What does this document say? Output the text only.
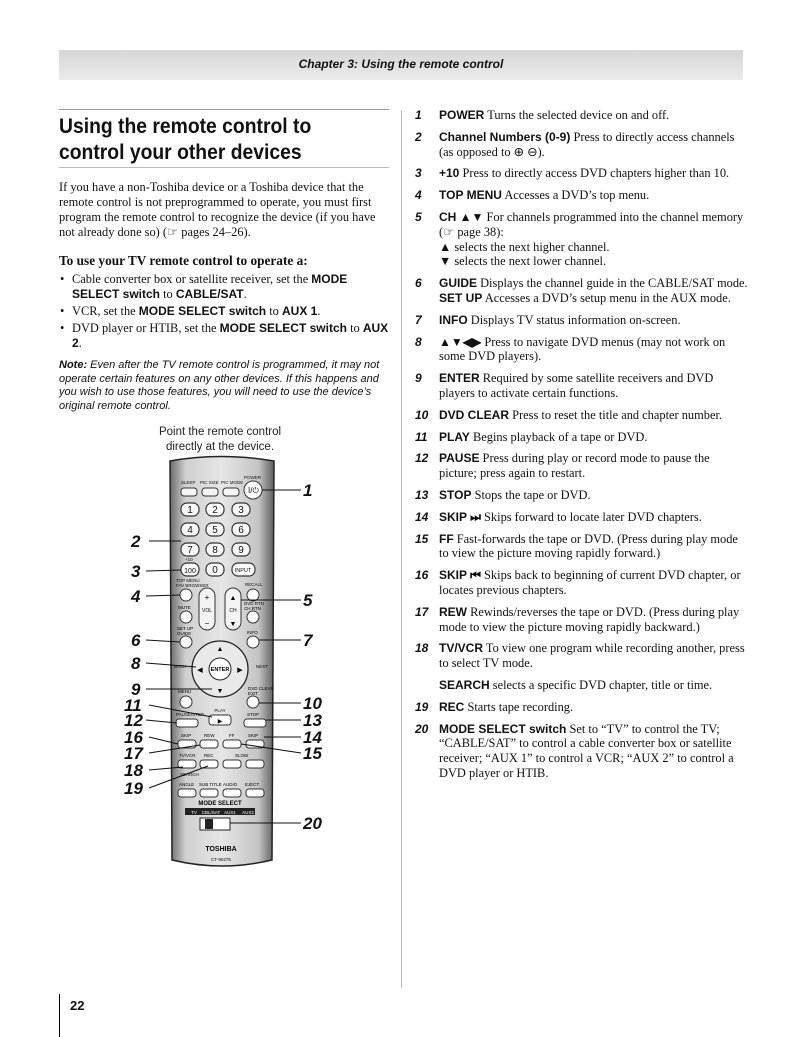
Chapter 3: Using the remote control
Using the remote control to control your other devices

If you have a non-Toshiba device or a Toshiba device that the remote control is not preprogrammed to operate, you must first program the remote control to recognize the device (if you have not already done so) (☞ pages 24–26).

To use your TV remote control to operate a:
• Cable converter box or satellite receiver, set the MODE SELECT switch to CABLE/SAT.
• VCR, set the MODE SELECT switch to AUX 1.
• DVD player or HTIB, set the MODE SELECT switch to AUX 2.

Note: Even after the TV remote control is programmed, it may not operate certain features on any other devices. If this happens and you wish to use those features, you will need to use the device’s original remote control.

Point the remote control
directly at the device.
SLEEP PIC SIZE PIC MODE
POWER
I/⏻
1 2 3
4 5 6
7 8 9
0
+10
100	INPUT
TOP MENU
FAV BROWSER	RECALL
+
−
▲
▼
VOL	CH
MUTE
DVD RTN
CH RTN
SET UP
GUIDE	INFO
ENTER
▲
▼
◀	▶
BACK	NEXT
MENU
DVD CLEAR
EXIT
PLAY
PAUSE/STEP	STOP
▶
SKIP	REW	FF	SKIP
TV/VCR REC	SLOW
SEARCH
ANGLE SUB TITLE AUDIO EJECT
MODE SELECT
TV CBL/SAT AUX1 AUX2
TOSHIBA
CT-90275
1
2
3
4	5
6	7
8
9
11	10
12	13
16	14
17	15
18
19
20
1 POWER Turns the selected device on and off.
2 Channel Numbers (0-9) Press to directly access channels (as opposed to ⊕ ⊖).
3 +10 Press to directly access DVD chapters higher than 10.
4 TOP MENU Accesses a DVD’s top menu.
5 CH ▲▼ For channels programmed into the channel memory (☞ page 38):
▲ selects the next higher channel.
▼ selects the next lower channel.
6 GUIDE Displays the channel guide in the CABLE/SAT mode.
SET UP Accesses a DVD’s setup menu in the AUX mode.
7 INFO Displays TV status information on-screen.
8 ▲▼◀▶ Press to navigate DVD menus (may not work on some DVD players).
9 ENTER Required by some satellite receivers and DVD players to activate certain functions.
10 DVD CLEAR Press to reset the title and chapter number.
11 PLAY Begins playback of a tape or DVD.
12 PAUSE Press during play or record mode to pause the picture; press again to restart.
13 STOP Stops the tape or DVD.
14 SKIP ⏭ Skips forward to locate later DVD chapters.
15 FF Fast-forwards the tape or DVD. (Press during play mode to view the picture moving rapidly forward.)
16 SKIP ⏮ Skips back to beginning of current DVD chapter, or locates previous chapters.
17 REW Rewinds/reverses the tape or DVD. (Press during play mode to view the picture moving rapidly backward.)
18 TV/VCR To view one program while recording another, press to select TV mode.
SEARCH selects a specific DVD chapter, title or time.
19 REC Starts tape recording.
20 MODE SELECT switch Set to “TV” to control the TV; “CABLE/SAT” to control a cable converter box or satellite receiver; “AUX 1” to control a VCR; “AUX 2” to control a DVD player or HTIB.
22
